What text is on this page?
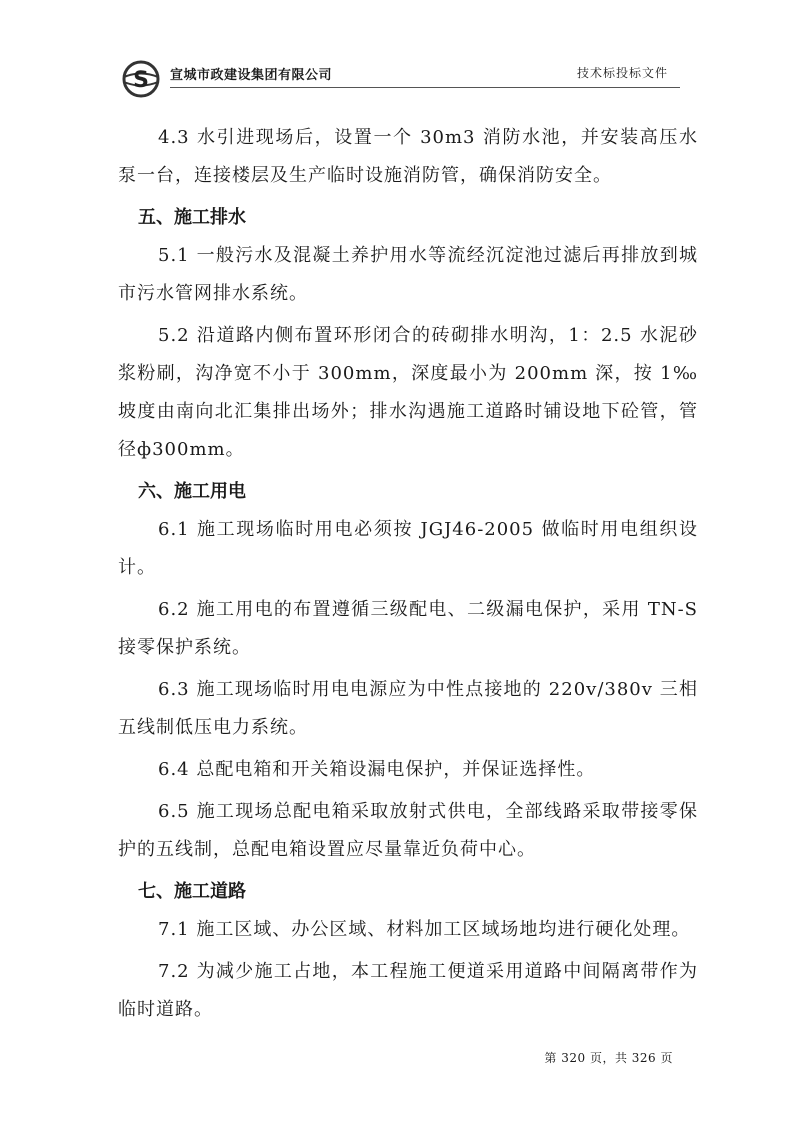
S 宣城市政建设集团有限公司	技术标投标文件

4.3 水引进现场后，设置一个 30m3 消防水池，并安装高压水泵一台，连接楼层及生产临时设施消防管，确保消防安全。

五、施工排水

5.1 一般污水及混凝土养护用水等流经沉淀池过滤后再排放到城市污水管网排水系统。

5.2 沿道路内侧布置环形闭合的砖砌排水明沟，1：2.5 水泥砂浆粉刷，沟净宽不小于 300mm，深度最小为 200mm 深，按 1‰坡度由南向北汇集排出场外；排水沟遇施工道路时铺设地下砼管，管径ф300mm。

六、施工用电

6.1 施工现场临时用电必须按 JGJ46-2005 做临时用电组织设计。

6.2 施工用电的布置遵循三级配电、二级漏电保护，采用 TN-S 接零保护系统。

6.3 施工现场临时用电电源应为中性点接地的 220v/380v 三相五线制低压电力系统。

6.4 总配电箱和开关箱设漏电保护，并保证选择性。

6.5 施工现场总配电箱采取放射式供电，全部线路采取带接零保护的五线制，总配电箱设置应尽量靠近负荷中心。

七、施工道路

7.1 施工区域、办公区域、材料加工区域场地均进行硬化处理。

7.2 为减少施工占地，本工程施工便道采用道路中间隔离带作为临时道路。

第 320 页，共 326 页
